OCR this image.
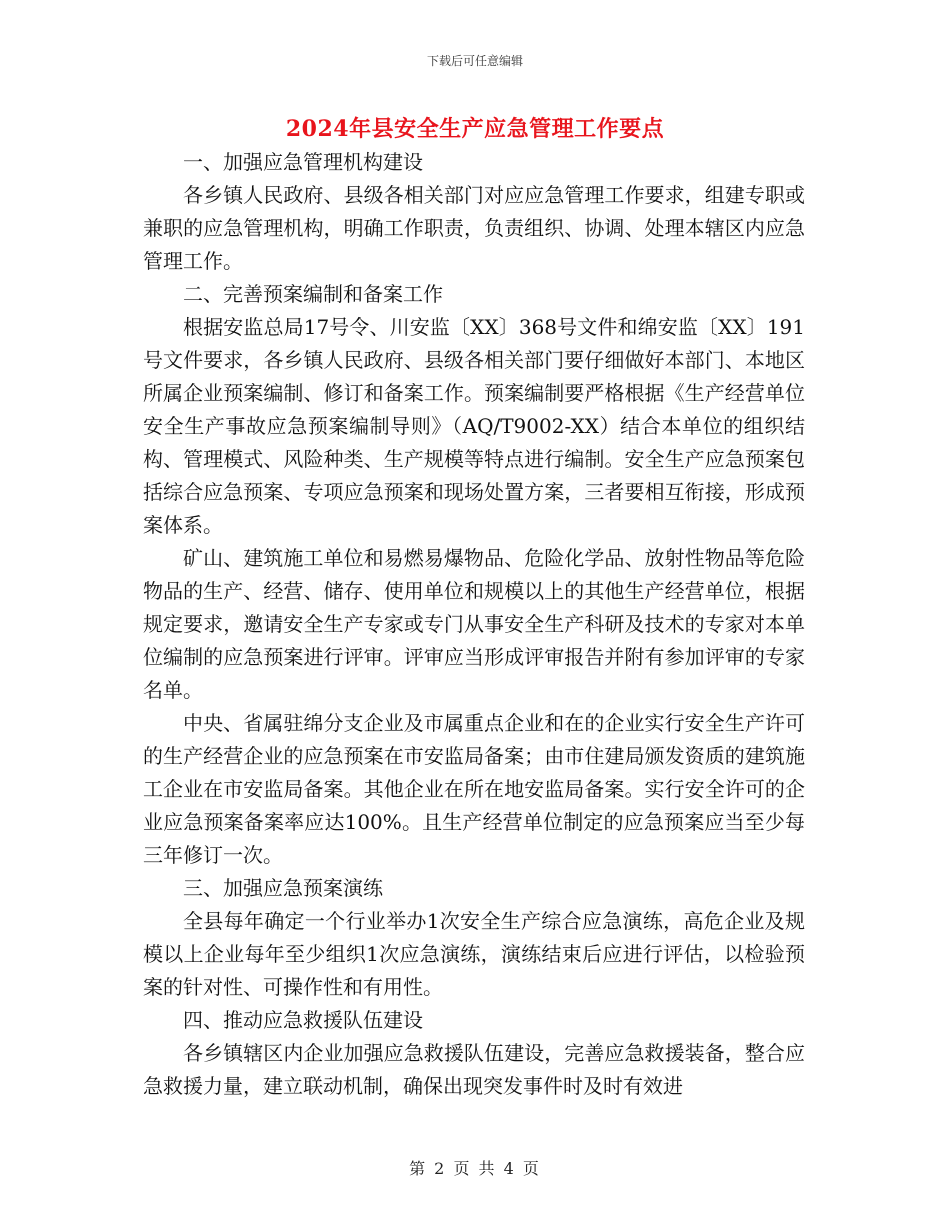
下载后可任意编辑
2024年县安全生产应急管理工作要点

一、加强应急管理机构建设

各乡镇人民政府、县级各相关部门对应应急管理工作要求，组建专职或兼职的应急管理机构，明确工作职责，负责组织、协调、处理本辖区内应急管理工作。

二、完善预案编制和备案工作

根据安监总局17号令、川安监〔XX〕368号文件和绵安监〔XX〕191号文件要求，各乡镇人民政府、县级各相关部门要仔细做好本部门、本地区所属企业预案编制、修订和备案工作。预案编制要严格根据《生产经营单位安全生产事故应急预案编制导则》（AQ/T9002-XX）结合本单位的组织结构、管理模式、风险种类、生产规模等特点进行编制。安全生产应急预案包括综合应急预案、专项应急预案和现场处置方案，三者要相互衔接，形成预案体系。

矿山、建筑施工单位和易燃易爆物品、危险化学品、放射性物品等危险物品的生产、经营、储存、使用单位和规模以上的其他生产经营单位，根据规定要求，邀请安全生产专家或专门从事安全生产科研及技术的专家对本单位编制的应急预案进行评审。评审应当形成评审报告并附有参加评审的专家名单。

中央、省属驻绵分支企业及市属重点企业和在的企业实行安全生产许可的生产经营企业的应急预案在市安监局备案；由市住建局颁发资质的建筑施工企业在市安监局备案。其他企业在所在地安监局备案。实行安全许可的企业应急预案备案率应达100%。且生产经营单位制定的应急预案应当至少每三年修订一次。

三、加强应急预案演练

全县每年确定一个行业举办1次安全生产综合应急演练，高危企业及规模以上企业每年至少组织1次应急演练，演练结束后应进行评估，以检验预案的针对性、可操作性和有用性。

四、推动应急救援队伍建设

各乡镇辖区内企业加强应急救援队伍建设，完善应急救援装备，整合应急救援力量，建立联动机制，确保出现突发事件时及时有效进

第 2 页 共 4 页
